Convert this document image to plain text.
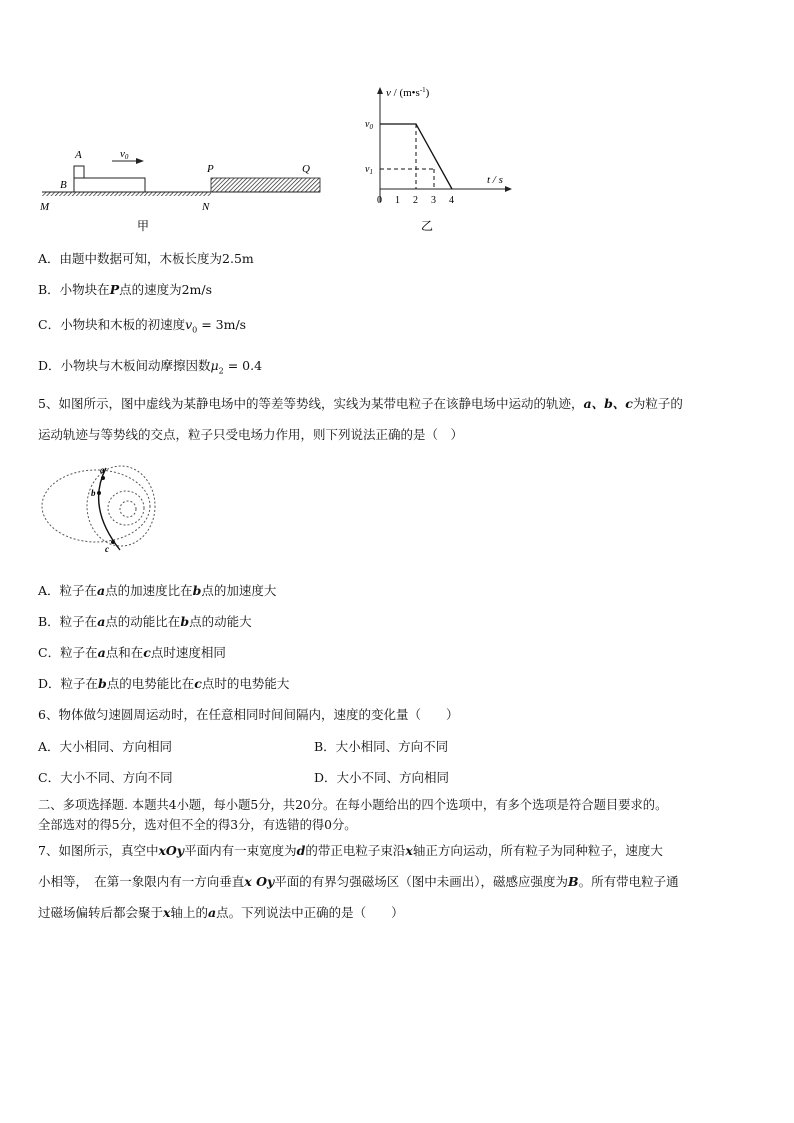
A
B
v0
P	Q
M	N
甲
v / $(m•s^{-1})$
t / s
$v_0$
$v_1$
0 1 2 3 4
乙
A．由题中数据可知，木板长度为2.5m
B．小物块在P点的速度为2m/s
C．小物块和木板的初速度$v_0 = 3m/s$
D．小物块与木板间动摩擦因数$\mu_2 = 0.4$
5、如图所示，图中虚线为某静电场中的等差等势线，实线为某带电粒子在该静电场中运动的轨迹，a、b、c为粒子的
运动轨迹与等势线的交点，粒子只受电场力作用，则下列说法正确的是（　）
a
b
c
A．粒子在a点的加速度比在b点的加速度大
B．粒子在a点的动能比在b点的动能大
C．粒子在a点和在c点时速度相同
D．粒子在b点的电势能比在c点时的电势能大
6、物体做匀速圆周运动时，在任意相同时间间隔内，速度的变化量（　　）
A．大小相同、方向相同	B．大小相同、方向不同
C．大小不同、方向不同	D．大小不同、方向相同
二、多项选择题. 本题共4小题，每小题5分，共20分。在每小题给出的四个选项中，有多个选项是符合题目要求的。
全部选对的得5分，选对但不全的得3分，有选错的得0分。
7、如图所示，真空中xOy平面内有一束宽度为d的带正电粒子束沿x轴正方向运动，所有粒子为同种粒子，速度大
小相等，　在第一象限内有一方向垂直x Oy平面的有界匀强磁场区（图中未画出），磁感应强度为B。所有带电粒子通
过磁场偏转后都会聚于x轴上的a点。下列说法中正确的是（　　）
